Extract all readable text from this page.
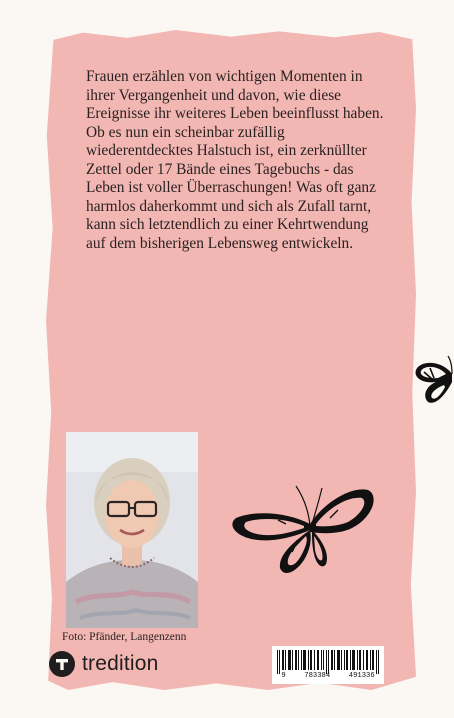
Frauen erzählen von wichtigen Momenten in ihrer Vergangenheit und davon, wie diese Ereignisse ihr weiteres Leben beeinflusst haben. Ob es nun ein scheinbar zufällig wiederentdecktes Halstuch ist, ein zerknüllter Zettel oder 17 Bände eines Tagebuchs - das Leben ist voller Überraschungen! Was oft ganz harmlos daherkommt und sich als Zufall tarnt, kann sich letztendlich zu einer Kehrtwendung auf dem bisherigen Lebensweg entwickeln.

Foto: Pfänder, Langenzenn

tredition
9	783384	491336
